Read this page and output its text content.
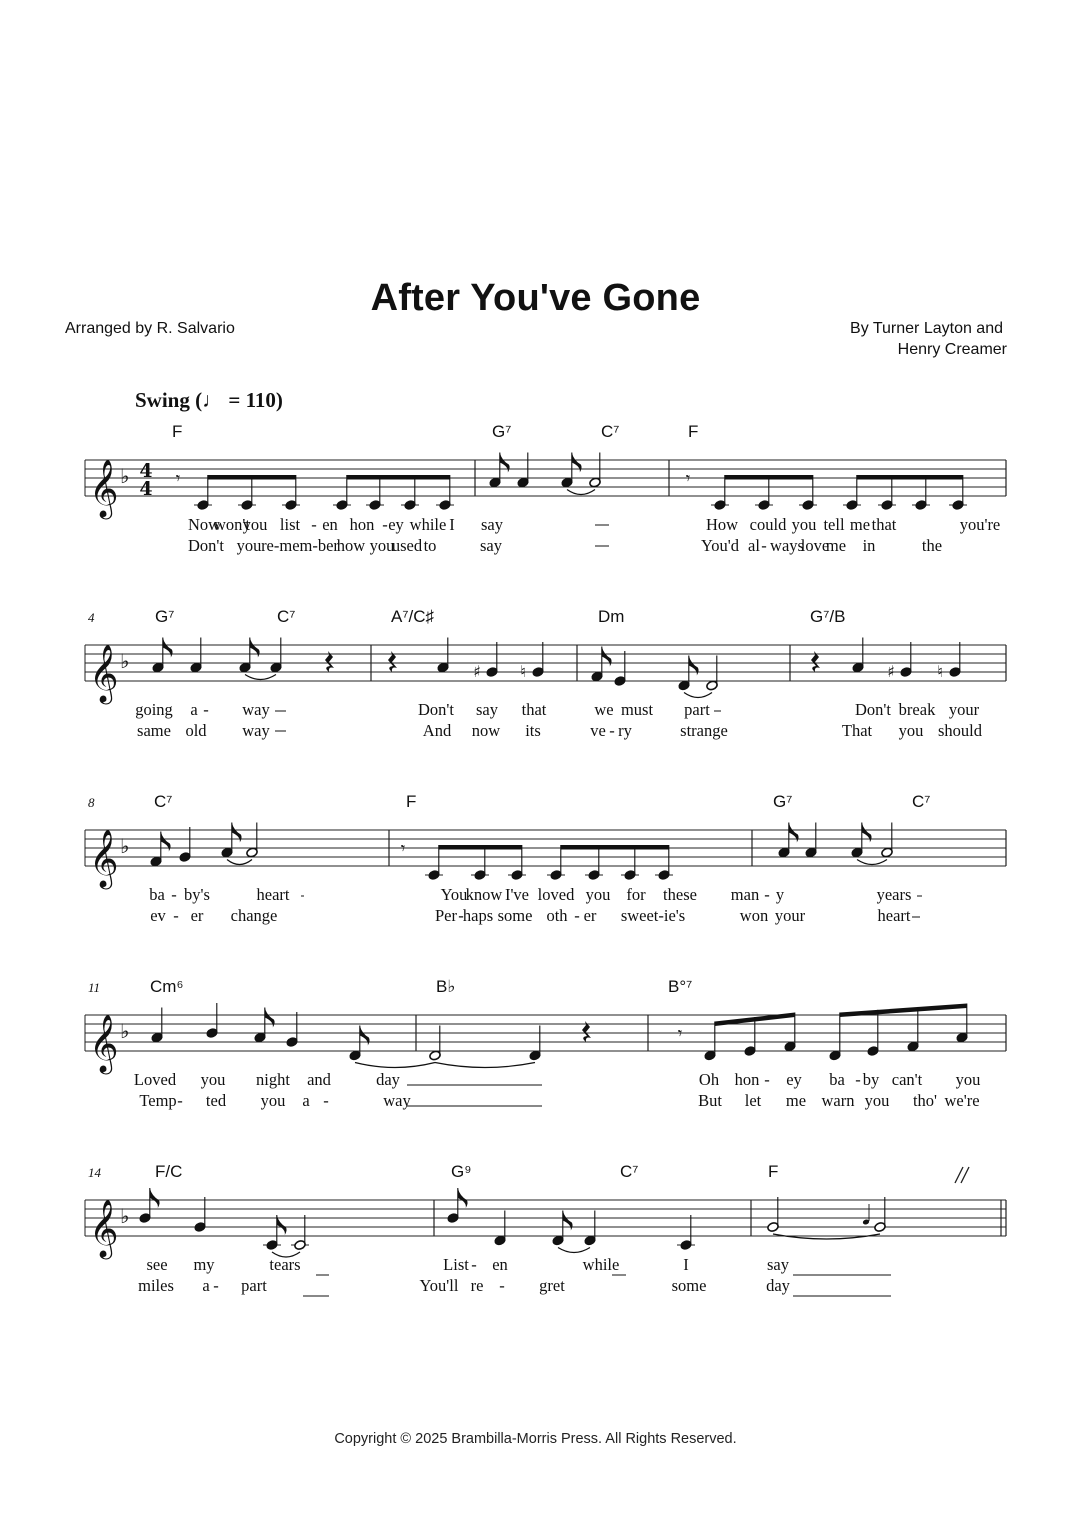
After You've Gone
Arranged by R. Salvario	By Turner Layton and
Henry Creamer
Swing (♩ = 110)
𝄞 ♭ 4
4
F	G⁷	C⁷	F
𝄾	𝄾
Now
won't
you list - en hon - ey while I say	How could you tell me that	you're
Don't you re-mem-ber
how you
used to	say	You'd al - ways
love
me in	the
𝄞 ♭
4	G⁷	C⁷	A⁷/C♯	Dm	G⁷/B
♯ ♮	♯	♮
going a - way	Don't say that	we must part	Don't break your
same old way	And now its	ve - ry	strange	That you should
𝄞 ♭
8	C⁷	F	G⁷	C⁷
𝄾
ba - by's	heart	You
know I've loved you for these man - y	years
ev - er change	Per - haps some oth - er sweet-ie's	won your	heart
𝄞 ♭
11	Cm⁶	B♭	B°⁷
𝄾
Loved you night and	day	Oh hon - ey ba - by can't you
Temp - ted you a -	way	But let me warn you tho' we're
𝄞 ♭
14	F/C	G⁹	C⁷	F
see my	tears	List - en	while	I	say
miles a - part	You'll re - gret	some	day
Copyright © 2025 Brambilla-Morris Press. All Rights Reserved.
